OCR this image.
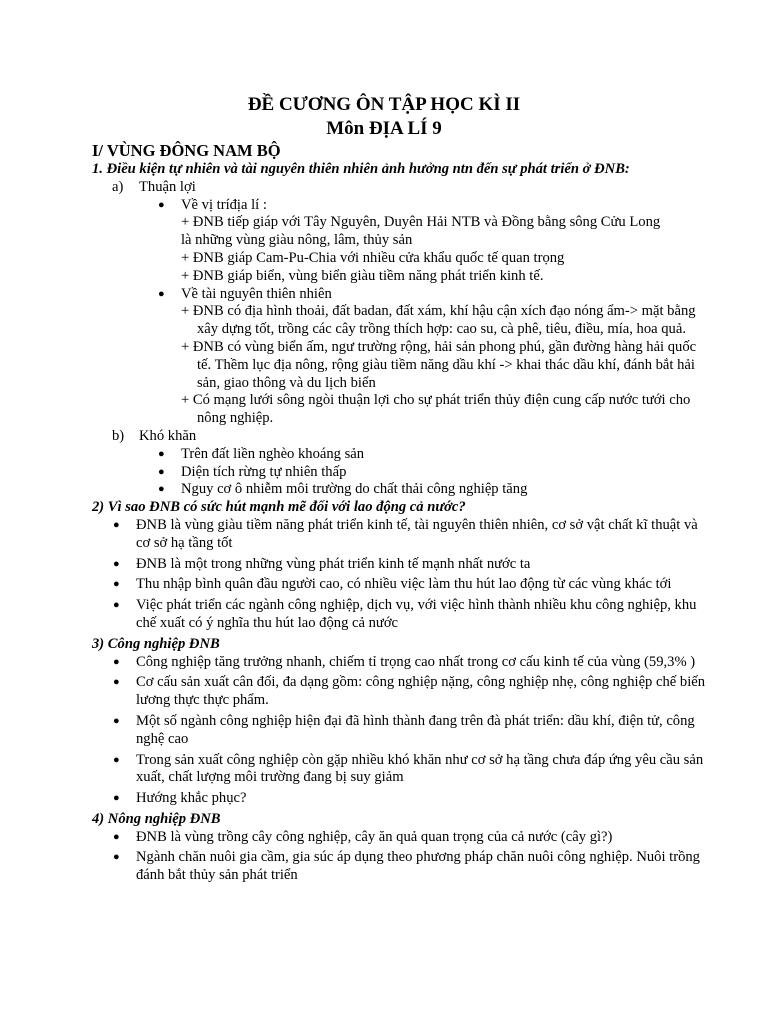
ĐỀ CƯƠNG ÔN TẬP HỌC KÌ II
Môn ĐỊA LÍ 9
I/ VÙNG ĐÔNG NAM BỘ
1. Điều kiện tự nhiên và tài nguyên thiên nhiên ảnh hưởng ntn đến sự phát triển ở ĐNB:
a) Thuận lợi
● Về vị tríđịa lí :
+ ĐNB tiếp giáp với Tây Nguyên, Duyên Hải NTB và Đồng bằng sông Cửu Long
là những vùng giàu nông, lâm, thủy sản
+ ĐNB giáp Cam-Pu-Chia với nhiều cửa khẩu quốc tế quan trọng
+ ĐNB giáp biển, vùng biển giàu tiềm năng phát triển kinh tế.
● Về tài nguyên thiên nhiên
+ ĐNB có địa hình thoải, đất badan, đất xám, khí hậu cận xích đạo nóng ẩm-> mặt bằng xây dựng tốt, trồng các cây trồng thích hợp: cao su, cà phê, tiêu, điều, mía, hoa quả.
+ ĐNB có vùng biển ấm, ngư trường rộng, hải sản phong phú, gần đường hàng hải quốc tế. Thềm lục địa nông, rộng giàu tiềm năng dầu khí -> khai thác dầu khí, đánh bắt hải sản, giao thông và du lịch biển
+ Có mạng lưới sông ngòi thuận lợi cho sự phát triển thủy điện cung cấp nước tưới cho nông nghiệp.
b) Khó khăn
● Trên đất liền nghèo khoáng sản
● Diện tích rừng tự nhiên thấp
● Nguy cơ ô nhiễm môi trường do chất thải công nghiệp tăng
2) Vì sao ĐNB có sức hút mạnh mẽ đối với lao động cả nước?
● ĐNB là vùng giàu tiềm năng phát triển kinh tế, tài nguyên thiên nhiên, cơ sở vật chất kĩ thuật và cơ sở hạ tầng tốt
● ĐNB là một trong những vùng phát triển kinh tế mạnh nhất nước ta
● Thu nhập bình quân đầu người cao, có nhiều việc làm thu hút lao động từ các vùng khác tới
● Việc phát triển các ngành công nghiệp, dịch vụ, với việc hình thành nhiều khu công nghiệp, khu chế xuất có ý nghĩa thu hút lao động cả nước
3) Công nghiệp ĐNB
● Công nghiệp tăng trưởng nhanh, chiếm tỉ trọng cao nhất trong cơ cấu kinh tế của vùng (59,3% )
● Cơ cấu sản xuất cân đối, đa dạng gồm: công nghiệp nặng, công nghiệp nhẹ, công nghiệp chế biến lương thực thực phẩm.
● Một số ngành công nghiệp hiện đại đã hình thành đang trên đà phát triển: dầu khí, điện tử, công nghệ cao
● Trong sản xuất công nghiệp còn gặp nhiều khó khăn như cơ sở hạ tầng chưa đáp ứng yêu cầu sản xuất, chất lượng môi trường đang bị suy giảm
● Hướng khắc phục?
4) Nông nghiệp ĐNB
● ĐNB là vùng trồng cây công nghiệp, cây ăn quả quan trọng của cả nước (cây gì?)
● Ngành chăn nuôi gia cầm, gia súc áp dụng theo phương pháp chăn nuôi công nghiệp. Nuôi trồng đánh bắt thủy sản phát triển
